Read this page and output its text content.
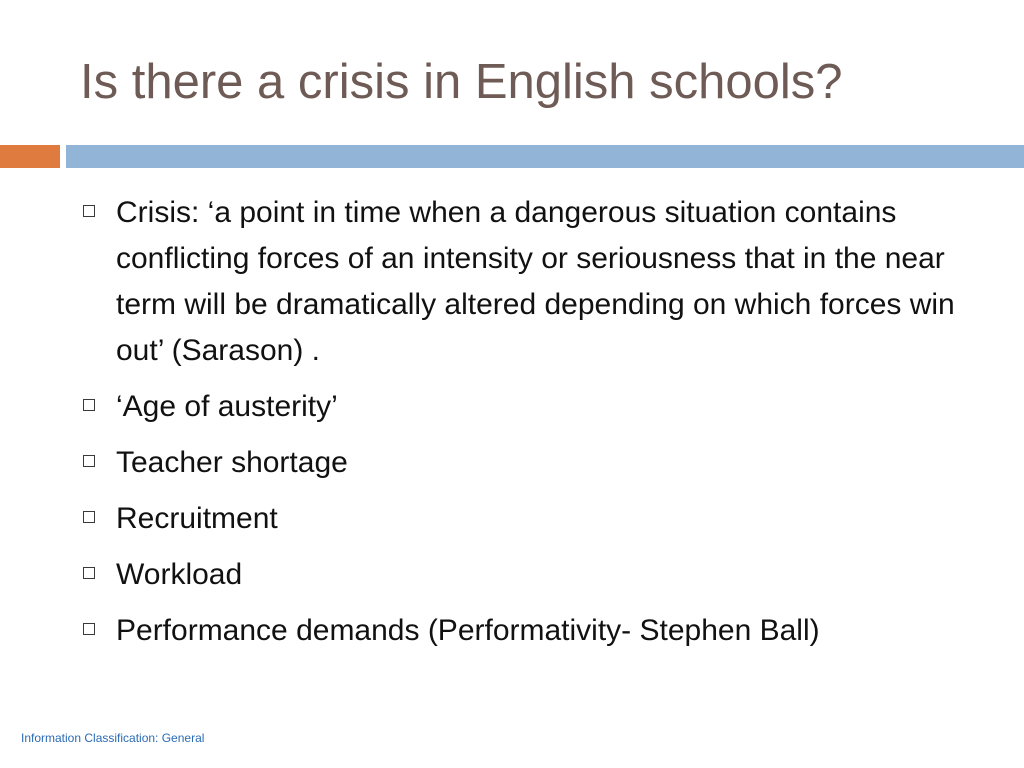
Is there a crisis in English schools?
Crisis: ‘a point in time when a dangerous situation contains conflicting forces of an intensity or seriousness that in the near term will be dramatically altered depending on which forces win out’ (Sarason) .
‘Age of austerity’
Teacher shortage
Recruitment
Workload
Performance demands (Performativity- Stephen Ball)
Information Classification: General
